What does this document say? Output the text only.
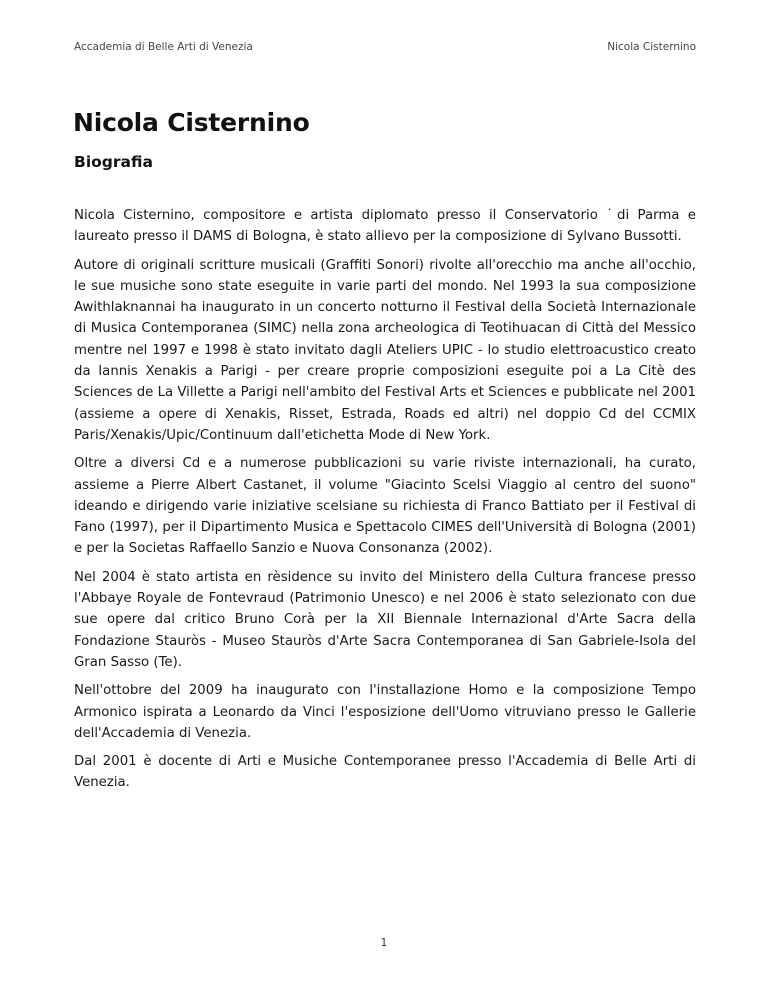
Accademia di Belle Arti di Venezia	Nicola Cisternino
Nicola Cisternino
Biografia

Nicola Cisternino, compositore e artista diplomato presso il Conservatorio ˙di Parma e laureato presso il DAMS di Bologna, è stato allievo per la composizione di Sylvano Bussotti.

Autore di originali scritture musicali (Graffiti Sonori) rivolte all'orecchio ma anche all'occhio, le sue musiche sono state eseguite in varie parti del mondo. Nel 1993 la sua composizione Awithlaknannai ha inaugurato in un concerto notturno il Festival della Società Internazionale di Musica Contemporanea (SIMC) nella zona archeologica di Teotihuacan di Città del Messico mentre nel 1997 e 1998 è stato invitato dagli Ateliers UPIC - lo studio elettroacustico creato da Iannis Xenakis a Parigi - per creare proprie composizioni eseguite poi a La Citè des Sciences de La Villette a Parigi nell'ambito del Festival Arts et Sciences e pubblicate nel 2001 (assieme a opere di Xenakis, Risset, Estrada, Roads ed altri) nel doppio Cd del CCMIX Paris/Xenakis/Upic/Continuum dall'etichetta Mode di New York.

Oltre a diversi Cd e a numerose pubblicazioni su varie riviste internazionali, ha curato, assieme a Pierre Albert Castanet, il volume "Giacinto Scelsi Viaggio al centro del suono" ideando e dirigendo varie iniziative scelsiane su richiesta di Franco Battiato per il Festival di Fano (1997), per il Dipartimento Musica e Spettacolo CIMES dell'Università di Bologna (2001) e per la Societas Raffaello Sanzio e Nuova Consonanza (2002).

Nel 2004 è stato artista en rèsidence su invito del Ministero della Cultura francese presso l'Abbaye Royale de Fontevraud (Patrimonio Unesco) e nel 2006 è stato selezionato con due sue opere dal critico Bruno Corà per la XII Biennale Internazional d'Arte Sacra della Fondazione Stauròs - Museo Stauròs d'Arte Sacra Contemporanea di San Gabriele-Isola del Gran Sasso (Te).

Nell'ottobre del 2009 ha inaugurato con l'installazione Homo e la composizione Tempo Armonico ispirata a Leonardo da Vinci l'esposizione dell'Uomo vitruviano presso le Gallerie dell'Accademia di Venezia.

Dal 2001 è docente di Arti e Musiche Contemporanee presso l'Accademia di Belle Arti di Venezia.

1
